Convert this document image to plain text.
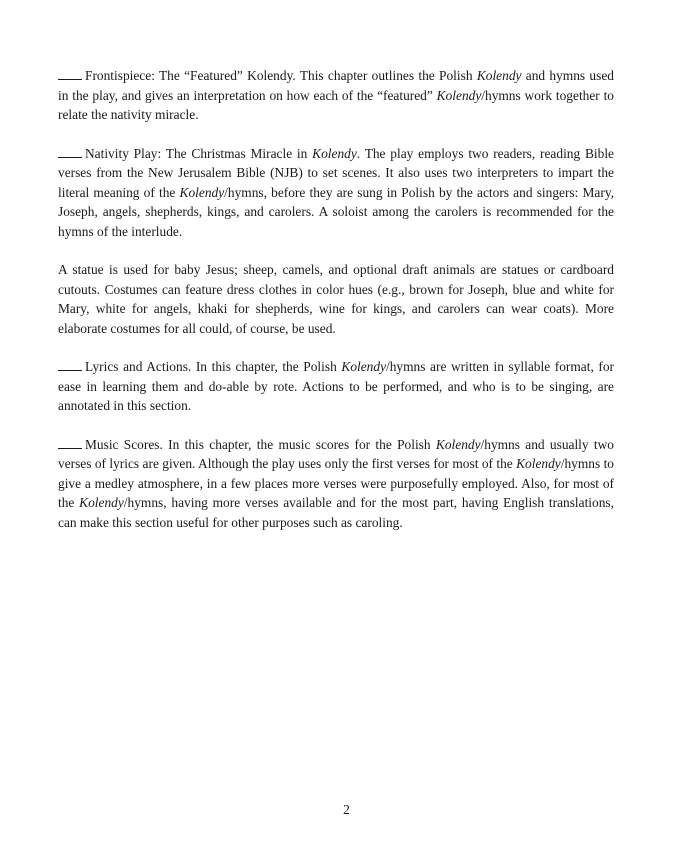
Frontispiece: The “Featured” Kolendy. This chapter outlines the Polish Kolendy and hymns used in the play, and gives an interpretation on how each of the “featured” Kolendy/hymns work together to relate the nativity miracle.

Nativity Play: The Christmas Miracle in Kolendy. The play employs two readers, reading Bible verses from the New Jerusalem Bible (NJB) to set scenes. It also uses two interpreters to impart the literal meaning of the Kolendy/hymns, before they are sung in Polish by the actors and singers: Mary, Joseph, angels, shepherds, kings, and carolers. A soloist among the carolers is recommended for the hymns of the interlude.

A statue is used for baby Jesus; sheep, camels, and optional draft animals are statues or cardboard cutouts. Costumes can feature dress clothes in color hues (e.g., brown for Joseph, blue and white for Mary, white for angels, khaki for shepherds, wine for kings, and carolers can wear coats). More elaborate costumes for all could, of course, be used.

Lyrics and Actions. In this chapter, the Polish Kolendy/hymns are written in syllable format, for ease in learning them and do-able by rote. Actions to be performed, and who is to be singing, are annotated in this section.

Music Scores. In this chapter, the music scores for the Polish Kolendy/hymns and usually two verses of lyrics are given. Although the play uses only the first verses for most of the Kolendy/hymns to give a medley atmosphere, in a few places more verses were purposefully employed. Also, for most of the Kolendy/hymns, having more verses available and for the most part, having English translations, can make this section useful for other purposes such as caroling.

2
